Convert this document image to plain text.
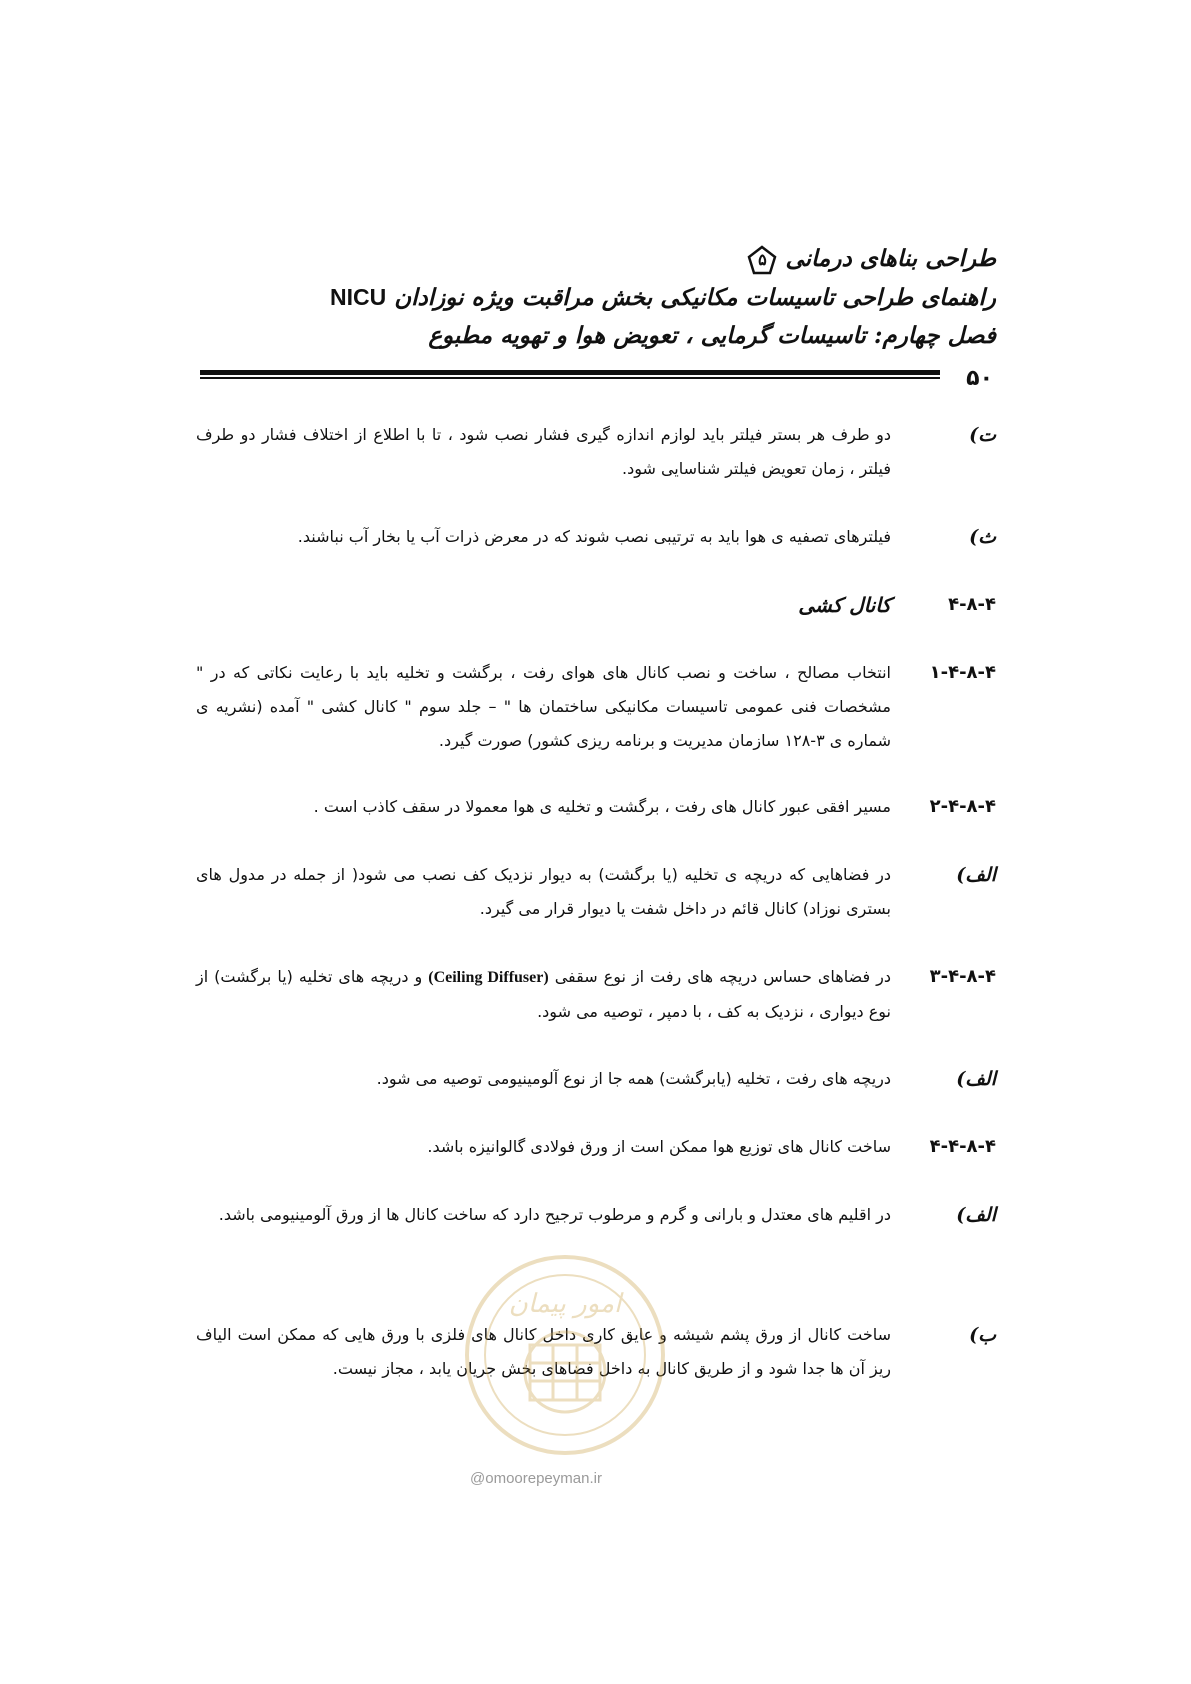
طراحی بناهای درمانی
۵
راهنمای طراحی تاسیسات مکانیکی بخش مراقبت ویژه نوزادان NICU
فصل چهارم: تاسیسات گرمایی ، تعویض هوا و تهویه مطبوع
۵۰
ت)
دو طرف هر بستر فیلتر باید لوازم اندازه گیری فشار نصب شود ، تا با اطلاع از اختلاف فشار دو طرف فیلتر ، زمان تعویض فیلتر شناسایی شود.
ث)
فیلترهای تصفیه ی هوا باید به ترتیبی نصب شوند که در معرض ذرات آب یا بخار آب نباشند.
۴-۸-۴
کانال کشی
۱-۴-۸-۴
انتخاب مصالح ، ساخت و نصب کانال های هوای رفت ، برگشت و تخلیه باید با رعایت نکاتی که در " مشخصات فنی عمومی تاسیسات مکانیکی ساختمان ها " – جلد سوم " کانال کشی " آمده (نشریه ی شماره ی ۳-۱۲۸ سازمان مدیریت و برنامه ریزی کشور) صورت گیرد.
۲-۴-۸-۴
مسیر افقی عبور کانال های رفت ، برگشت و تخلیه ی هوا معمولا در سقف کاذب است .
الف)
در فضاهایی که دریچه ی تخلیه (یا برگشت) به دیوار نزدیک کف نصب می شود( از جمله در مدول های بستری نوزاد) کانال قائم در داخل شفت یا دیوار قرار می گیرد.
۳-۴-۸-۴
در فضاهای حساس دریچه های رفت از نوع سقفی (Ceiling Diffuser) و دریچه های تخلیه (یا برگشت) از نوع دیواری ، نزدیک به کف ، با دمپر ، توصیه می شود.
الف)
دریچه های رفت ، تخلیه (یابرگشت) همه جا از نوع آلومینیومی توصیه می شود.
۴-۴-۸-۴
ساخت کانال های توزیع هوا ممکن است از ورق فولادی گالوانیزه باشد.
الف)
در اقلیم های معتدل و بارانی و گرم و مرطوب ترجیح دارد که ساخت کانال ها از ورق آلومینیومی باشد.
ب)
ساخت کانال از ورق پشم شیشه و عایق کاری داخل کانال های فلزی با ورق هایی که ممکن است الیاف ریز آن ها جدا شود و از طریق کانال به داخل فضاهای بخش جریان یابد ، مجاز نیست.
امور پیمان
@omoorepeyman.ir
